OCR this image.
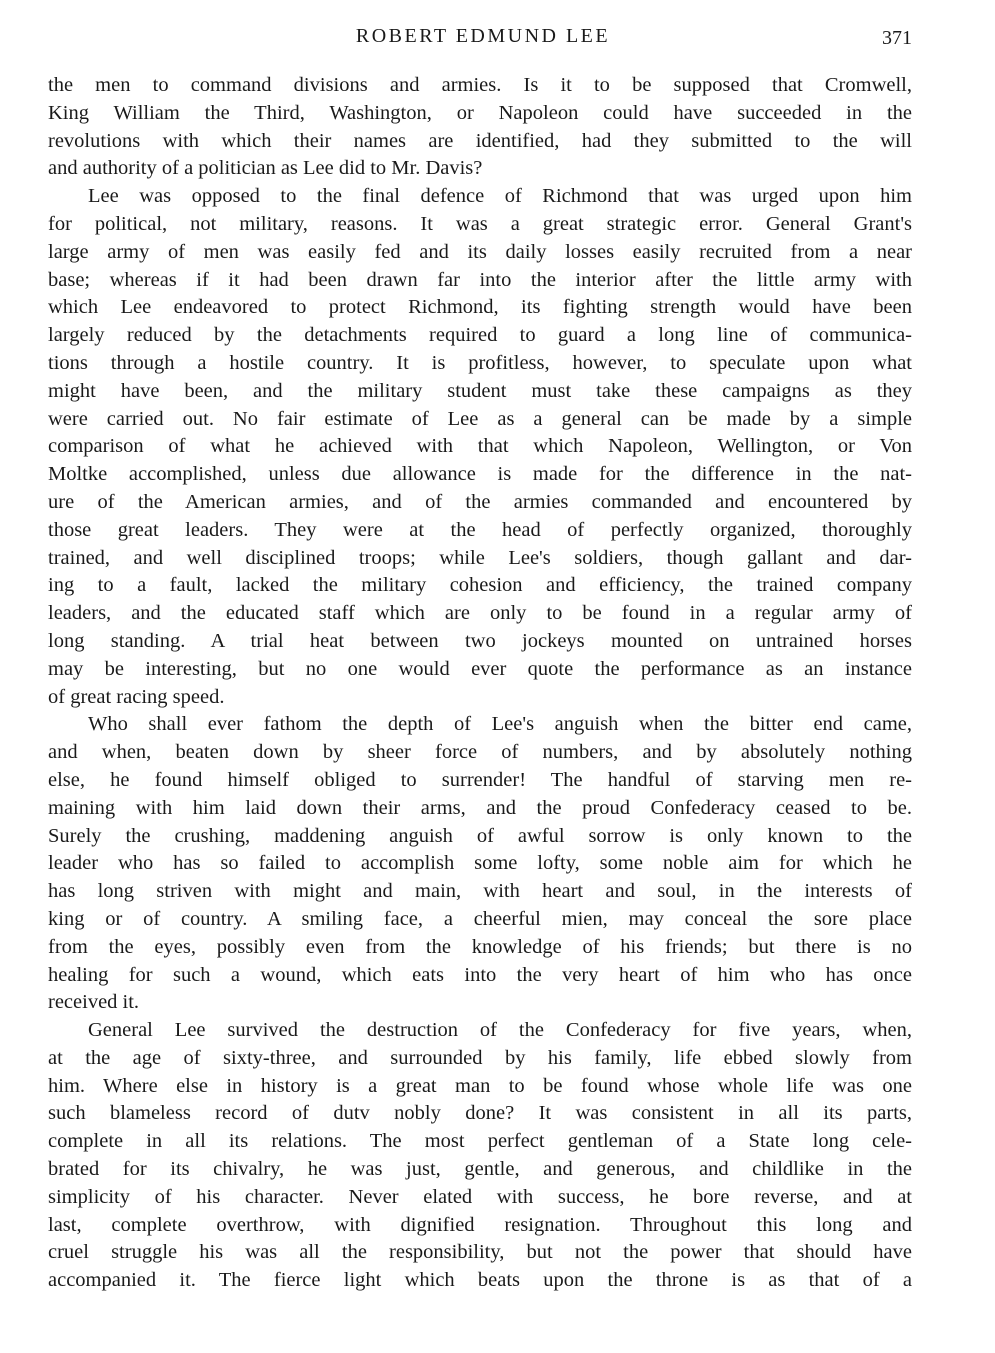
ROBERT EDMUND LEE	371
the men to command divisions and armies. Is it to be supposed that Cromwell,
King William the Third, Washington, or Napoleon could have succeeded in the
revolutions with which their names are identified, had they submitted to the will
and authority of a politician as Lee did to Mr. Davis?
Lee was opposed to the final defence of Richmond that was urged upon him
for political, not military, reasons. It was a great strategic error. General Grant's
large army of men was easily fed and its daily losses easily recruited from a near
base; whereas if it had been drawn far into the interior after the little army with
which Lee endeavored to protect Richmond, its fighting strength would have been
largely reduced by the detachments required to guard a long line of communica-
tions through a hostile country. It is profitless, however, to speculate upon what
might have been, and the military student must take these campaigns as they
were carried out. No fair estimate of Lee as a general can be made by a simple
comparison of what he achieved with that which Napoleon, Wellington, or Von
Moltke accomplished, unless due allowance is made for the difference in the nat-
ure of the American armies, and of the armies commanded and encountered by
those great leaders. They were at the head of perfectly organized, thoroughly
trained, and well disciplined troops; while Lee's soldiers, though gallant and dar-
ing to a fault, lacked the military cohesion and efficiency, the trained company
leaders, and the educated staff which are only to be found in a regular army of
long standing. A trial heat between two jockeys mounted on untrained horses
may be interesting, but no one would ever quote the performance as an instance
of great racing speed.
Who shall ever fathom the depth of Lee's anguish when the bitter end came,
and when, beaten down by sheer force of numbers, and by absolutely nothing
else, he found himself obliged to surrender! The handful of starving men re-
maining with him laid down their arms, and the proud Confederacy ceased to be.
Surely the crushing, maddening anguish of awful sorrow is only known to the
leader who has so failed to accomplish some lofty, some noble aim for which he
has long striven with might and main, with heart and soul, in the interests of
king or of country. A smiling face, a cheerful mien, may conceal the sore place
from the eyes, possibly even from the knowledge of his friends; but there is no
healing for such a wound, which eats into the very heart of him who has once
received it.
General Lee survived the destruction of the Confederacy for five years, when,
at the age of sixty-three, and surrounded by his family, life ebbed slowly from
him. Where else in history is a great man to be found whose whole life was one
such blameless record of dutv nobly done? It was consistent in all its parts,
complete in all its relations. The most perfect gentleman of a State long cele-
brated for its chivalry, he was just, gentle, and generous, and childlike in the
simplicity of his character. Never elated with success, he bore reverse, and at
last, complete overthrow, with dignified resignation. Throughout this long and
cruel struggle his was all the responsibility, but not the power that should have
accompanied it. The fierce light which beats upon the throne is as that of a
